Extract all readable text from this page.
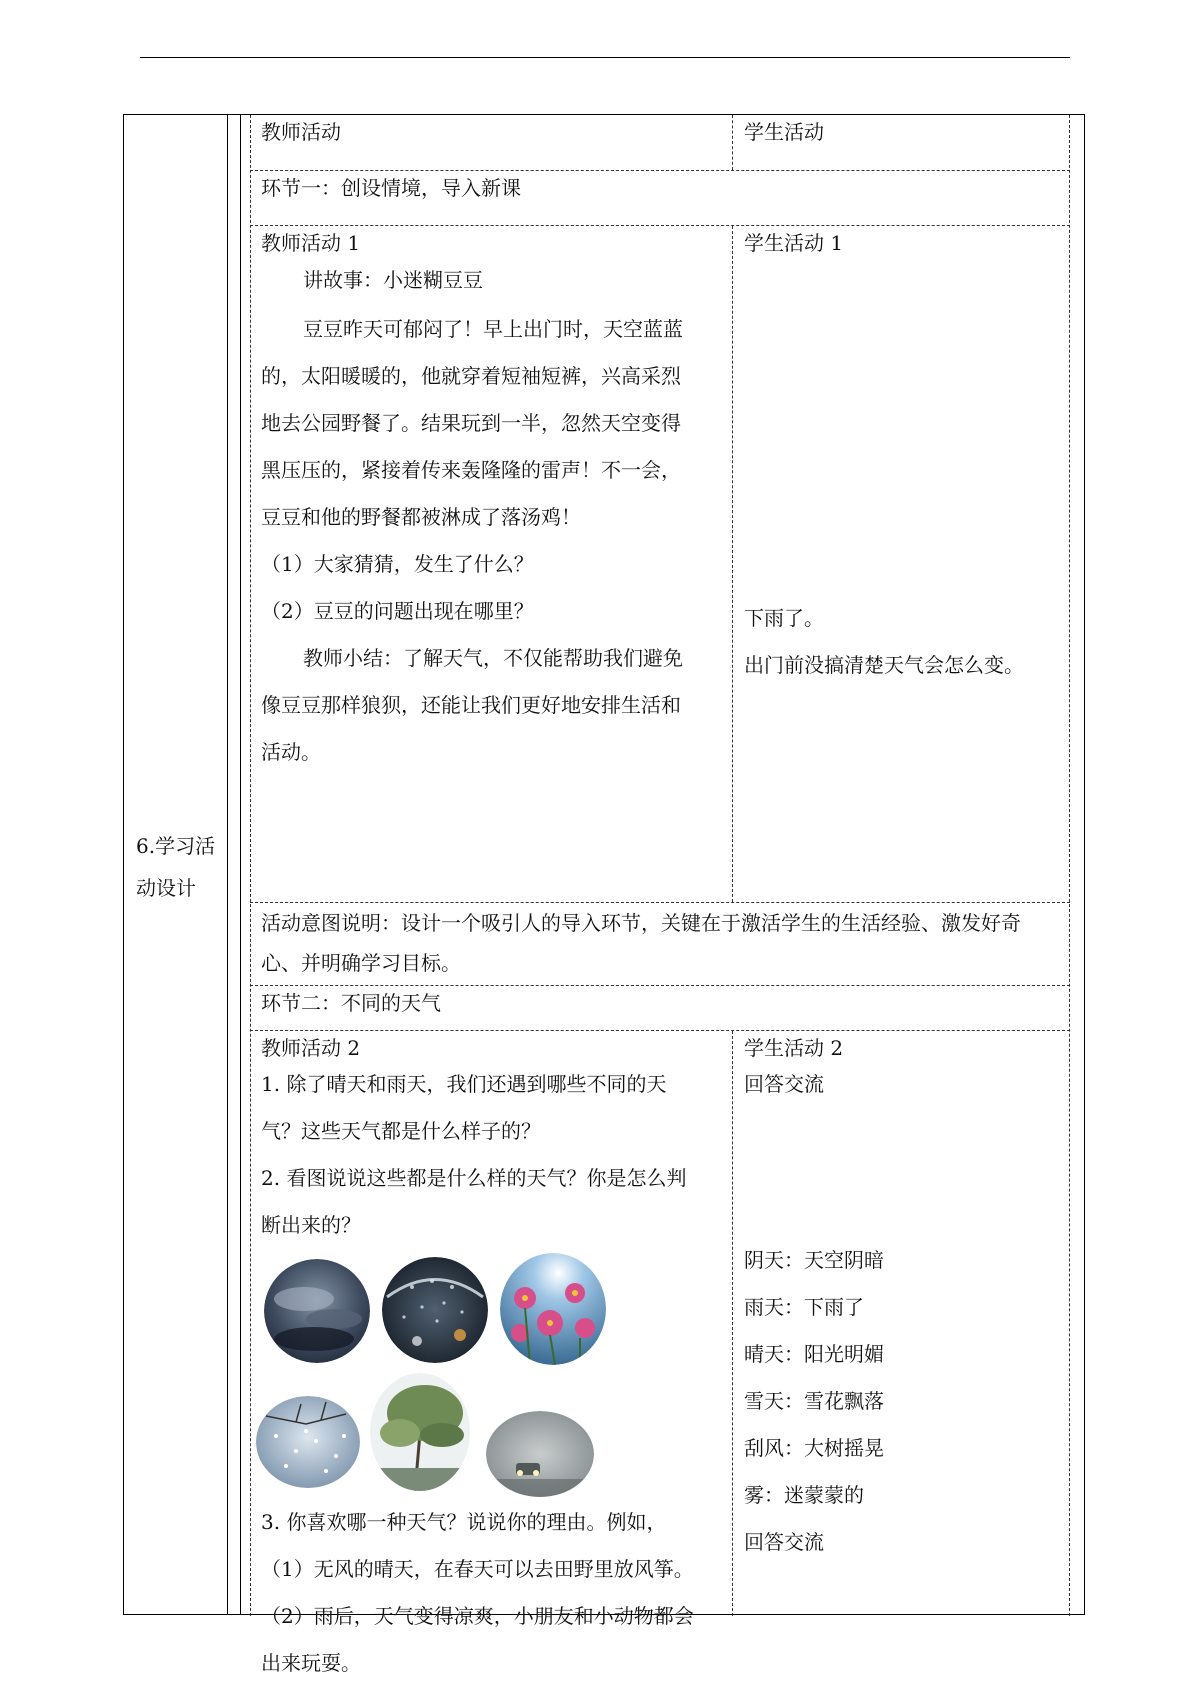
6.学习活动设计

教师活动	学生活动

环节一：创设情境，导入新课

教师活动 1

讲故事：小迷糊豆豆

豆豆昨天可郁闷了！早上出门时，天空蓝蓝
的，太阳暖暖的，他就穿着短袖短裤，兴高采烈
地去公园野餐了。结果玩到一半，忽然天空变得
黑压压的，紧接着传来轰隆隆的雷声！不一会，
豆豆和他的野餐都被淋成了落汤鸡！
（1）大家猜猜，发生了什么？
（2）豆豆的问题出现在哪里？
教师小结：了解天气，不仅能帮助我们避免
像豆豆那样狼狈，还能让我们更好地安排生活和
活动。

学生活动 1

下雨了。
出门前没搞清楚天气会怎么变。
活动意图说明：设计一个吸引人的导入环节，关键在于激活学生的生活经验、激发好奇
心、并明确学习目标。

环节二：不同的天气

教师活动 2

1. 除了晴天和雨天，我们还遇到哪些不同的天
气？这些天气都是什么样子的？
2. 看图说说这些都是什么样的天气？你是怎么判
断出来的？
3. 你喜欢哪一种天气？说说你的理由。例如，
（1）无风的晴天，在春天可以去田野里放风筝。
（2）雨后，天气变得凉爽，小朋友和小动物都会
出来玩耍。

学生活动 2

回答交流
阴天：天空阴暗
雨天：下雨了
晴天：阳光明媚
雪天：雪花飘落
刮风：大树摇晃
雾：迷蒙蒙的
回答交流
